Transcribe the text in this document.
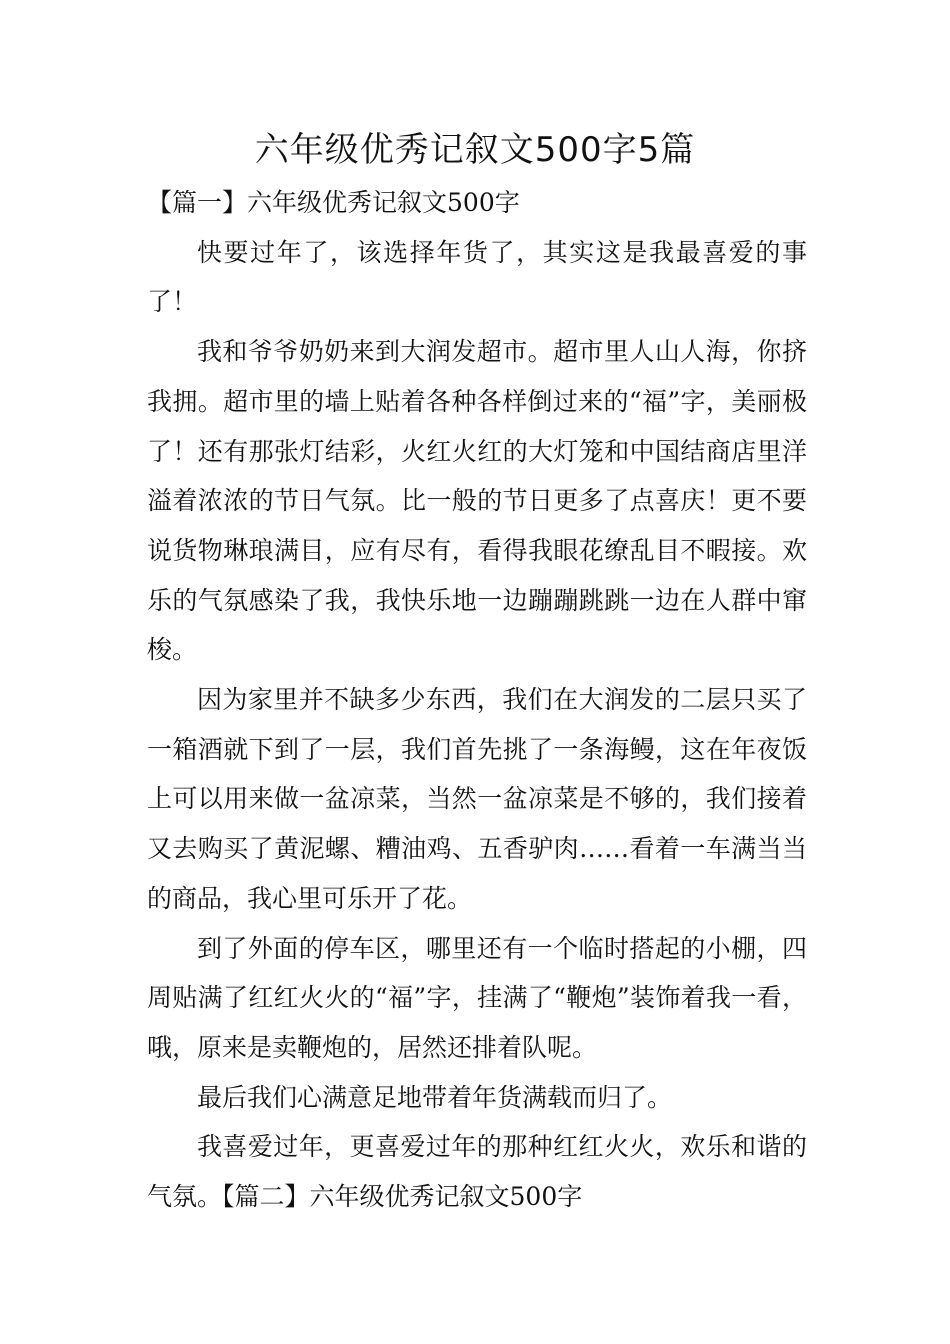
六年级优秀记叙文500字5篇

【篇一】六年级优秀记叙文500字

快要过年了，该选择年货了，其实这是我最喜爱的事了！

我和爷爷奶奶来到大润发超市。超市里人山人海，你挤我拥。超市里的墙上贴着各种各样倒过来的“福”字，美丽极了！还有那张灯结彩，火红火红的大灯笼和中国结商店里洋溢着浓浓的节日气氛。比一般的节日更多了点喜庆！更不要说货物琳琅满目，应有尽有，看得我眼花缭乱目不暇接。欢乐的气氛感染了我，我快乐地一边蹦蹦跳跳一边在人群中窜梭。

因为家里并不缺多少东西，我们在大润发的二层只买了一箱酒就下到了一层，我们首先挑了一条海鳗，这在年夜饭上可以用来做一盆凉菜，当然一盆凉菜是不够的，我们接着又去购买了黄泥螺、糟油鸡、五香驴肉……看着一车满当当的商品，我心里可乐开了花。

到了外面的停车区，哪里还有一个临时搭起的小棚，四周贴满了红红火火的“福”字，挂满了“鞭炮”装饰着我一看，哦，原来是卖鞭炮的，居然还排着队呢。

最后我们心满意足地带着年货满载而归了。

我喜爱过年，更喜爱过年的那种红红火火，欢乐和谐的气氛。【篇二】六年级优秀记叙文500字
